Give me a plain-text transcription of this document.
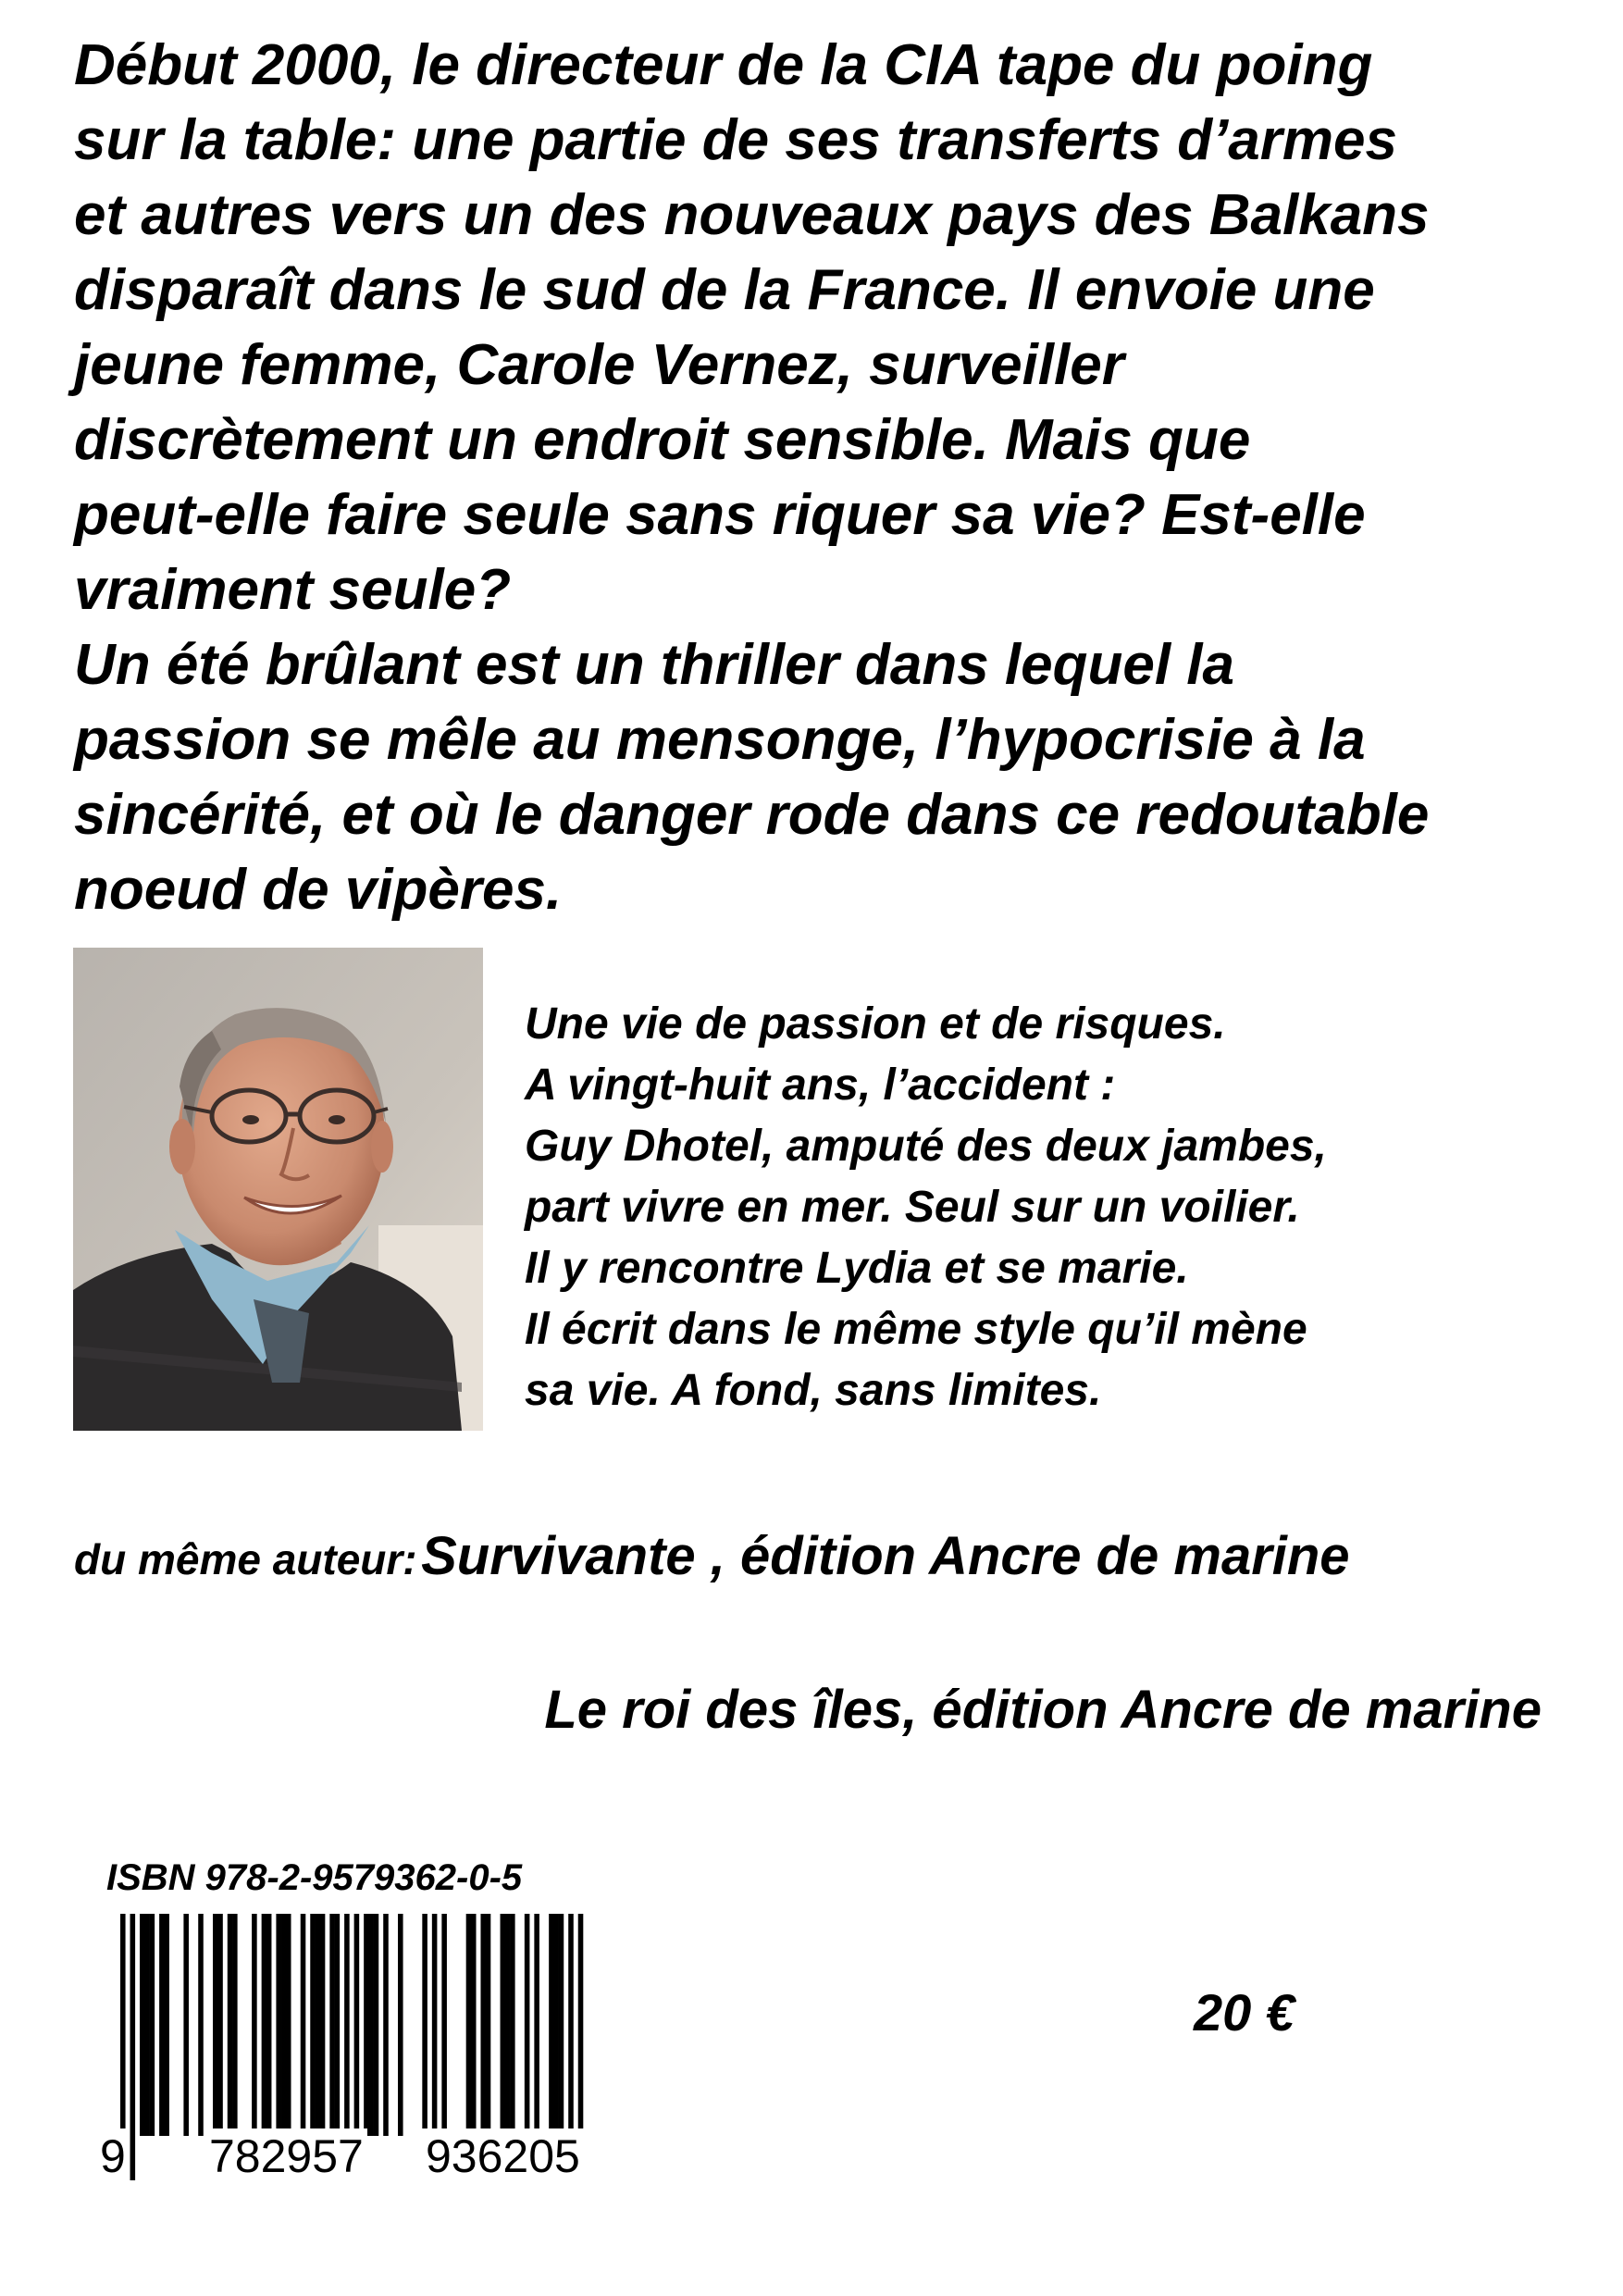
Début 2000, le directeur de la CIA tape du poing
sur la table: une partie de ses transferts d’armes
et autres vers un des nouveaux pays des Balkans
disparaît dans le sud de la France. Il envoie une
jeune femme, Carole Vernez, surveiller
discrètement un endroit sensible. Mais que
peut-elle faire seule sans riquer sa vie? Est-elle
vraiment seule?
Un été brûlant est un thriller dans lequel la
passion se mêle au mensonge, l’hypocrisie à la
sincérité, et où le danger rode dans ce redoutable
noeud de vipères.
Une vie de passion et de risques.
A vingt-huit ans, l’accident :
Guy Dhotel, amputé des deux jambes,
part vivre en mer. Seul sur un voilier.
Il y rencontre Lydia et se marie.
Il écrit dans le même style qu’il mène
sa vie. A fond, sans limites.
du même auteur: Survivante , édition Ancre de marine
Le roi des îles, édition Ancre de marine
ISBN 978-2-9579362-0-5
9 782957 936205
20 €
